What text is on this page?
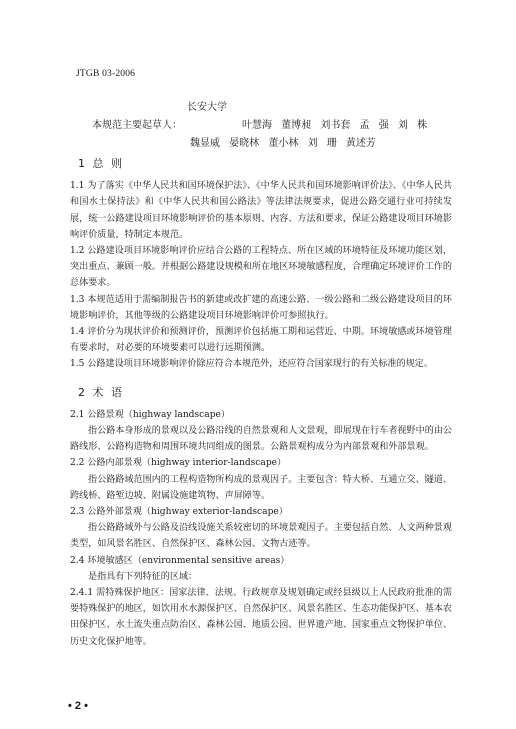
JTGB 03-2006
长安大学
本规范主要起草人：	叶慧海 董博昶 刘书套 孟 强 刘 株
魏显威 晏晓林 董小林 刘 珊 黄述芳
1 总 则

1.1 为了落实《中华人民共和国环境保护法》、《中华人民共和国环境影响评价法》、《中华人民共和国水土保持法》和《中华人民共和国公路法》等法律法规要求，促进公路交通行业可持续发展，统一公路建设项目环境影响评价的基本原则、内容、方法和要求，保证公路建设项目环境影响评价质量，特制定本规范。

1.2 公路建设项目环境影响评价应结合公路的工程特点、所在区域的环境特征及环境功能区划，突出重点、兼顾一般。并根据公路建设规模和所在地区环境敏感程度，合理确定环境评价工作的总体要求。

1.3 本规范适用于需编制报告书的新建或改扩建的高速公路、一级公路和二级公路建设项目的环境影响评价，其他等级的公路建设项目环境影响评价可参照执行。

1.4 评价分为现状评价和预测评价，预测评价包括施工期和运营近、中期。环境敏感或环境管理有要求时，对必要的环境要素可以进行远期预测。

1.5 公路建设项目环境影响评价除应符合本规范外，还应符合国家现行的有关标准的规定。

2 术 语

2.1 公路景观（highway landscape）

指公路本身形成的景观以及公路沿线的自然景观和人文景观，即展现在行车者视野中的由公路线形、公路构造物和周围环境共同组成的图景。公路景观构成分为内部景观和外部景观。

2.2 公路内部景观（highway interior-landscape）

指公路路域范围内的工程构造物所构成的景观因子。主要包含：特大桥、互通立交、隧道、跨线桥、路堑边坡、附属设施建筑物、声屏障等。

2.3 公路外部景观（highway exterior-landscape）

指公路路域外与公路及沿线设施关系较密切的环境景观因子。主要包括自然、人文两种景观类型，如风景名胜区、自然保护区、森林公园、文物古迹等。

2.4 环境敏感区（environmental sensitive areas）

是指具有下列特征的区域：

2.4.1 需特殊保护地区：国家法律、法规、行政规章及规划确定或经县级以上人民政府批准的需要特殊保护的地区，如饮用水水源保护区、自然保护区、风景名胜区、生态功能保护区、基本农田保护区、水土流失重点防治区、森林公园、地质公园、世界遗产地、国家重点文物保护单位、历史文化保护地等。

• 2 •
